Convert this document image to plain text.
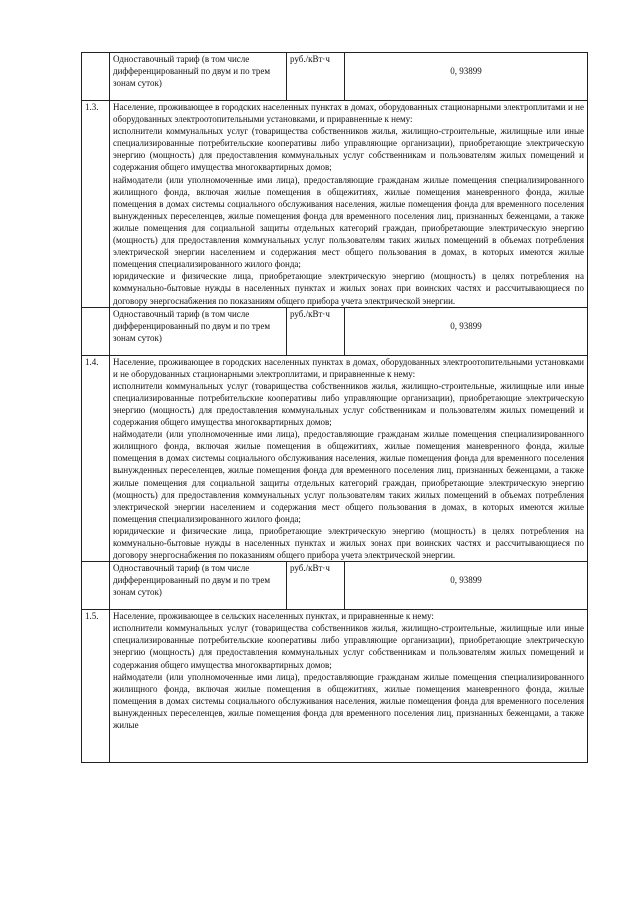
	Одноставочный тариф (в том числе дифференцированный по двум и по трем зонам суток)	руб./кВт·ч	0, 93899
1.3.	Население, проживающее в городских населенных пунктах в домах, оборудованных стационарными электроплитами и не оборудованных электроотопительными установками, и приравненные к нему:

исполнители коммунальных услуг (товарищества собственников жилья, жилищно-строительные, жилищные или иные специализированные потребительские кооперативы либо управляющие организации), приобретающие электрическую энергию (мощность) для предоставления коммунальных услуг собственникам и пользователям жилых помещений и содержания общего имущества многоквартирных домов;

наймодатели (или уполномоченные ими лица), предоставляющие гражданам жилые помещения специализированного жилищного фонда, включая жилые помещения в общежитиях, жилые помещения маневренного фонда, жилые помещения в домах системы социального обслуживания населения, жилые помещения фонда для временного поселения вынужденных переселенцев, жилые помещения фонда для временного поселения лиц, признанных беженцами, а также жилые помещения для социальной защиты отдельных категорий граждан, приобретающие электрическую энергию (мощность) для предоставления коммунальных услуг пользователям таких жилых помещений в объемах потребления электрической энергии населением и содержания мест общего пользования в домах, в которых имеются жилые помещения специализированного жилого фонда;

юридические и физические лица, приобретающие электрическую энергию (мощность) в целях потребления на коммунально-бытовые нужды в населенных пунктах и жилых зонах при воинских частях и рассчитывающиеся по договору энергоснабжения по показаниям общего прибора учета электрической энергии.		

	Одноставочный тариф (в том числе дифференцированный по двум и по трем зонам суток)	руб./кВт·ч	0, 93899
1.4.	Население, проживающее в городских населенных пунктах в домах, оборудованных электроотопительными установками и не оборудованных стационарными электроплитами, и приравненные к нему:

исполнители коммунальных услуг (товарищества собственников жилья, жилищно-строительные, жилищные или иные специализированные потребительские кооперативы либо управляющие организации), приобретающие электрическую энергию (мощность) для предоставления коммунальных услуг собственникам и пользователям жилых помещений и содержания общего имущества многоквартирных домов;

наймодатели (или уполномоченные ими лица), предоставляющие гражданам жилые помещения специализированного жилищного фонда, включая жилые помещения в общежитиях, жилые помещения маневренного фонда, жилые помещения в домах системы социального обслуживания населения, жилые помещения фонда для временного поселения вынужденных переселенцев, жилые помещения фонда для временного поселения лиц, признанных беженцами, а также жилые помещения для социальной защиты отдельных категорий граждан, приобретающие электрическую энергию (мощность) для предоставления коммунальных услуг пользователям таких жилых помещений в объемах потребления электрической энергии населением и содержания мест общего пользования в домах, в которых имеются жилые помещения специализированного жилого фонда;

юридические и физические лица, приобретающие электрическую энергию (мощность) в целях потребления на коммунально-бытовые нужды в населенных пунктах и жилых зонах при воинских частях и рассчитывающиеся по договору энергоснабжения по показаниям общего прибора учета электрической энергии.		

	Одноставочный тариф (в том числе дифференцированный по двум и по трем зонам суток)	руб./кВт·ч	0, 93899
1.5.	Население, проживающее в сельских населенных пунктах, и приравненные к нему:

исполнители коммунальных услуг (товарищества собственников жилья, жилищно-строительные, жилищные или иные специализированные потребительские кооперативы либо управляющие организации), приобретающие электрическую энергию (мощность) для предоставления коммунальных услуг собственникам и пользователям жилых помещений и содержания общего имущества многоквартирных домов;

наймодатели (или уполномоченные ими лица), предоставляющие гражданам жилые помещения специализированного жилищного фонда, включая жилые помещения в общежитиях, жилые помещения маневренного фонда, жилые помещения в домах системы социального обслуживания населения, жилые помещения фонда для временного поселения вынужденных переселенцев, жилые помещения фонда для временного поселения лиц, признанных беженцами, а также жилые		
